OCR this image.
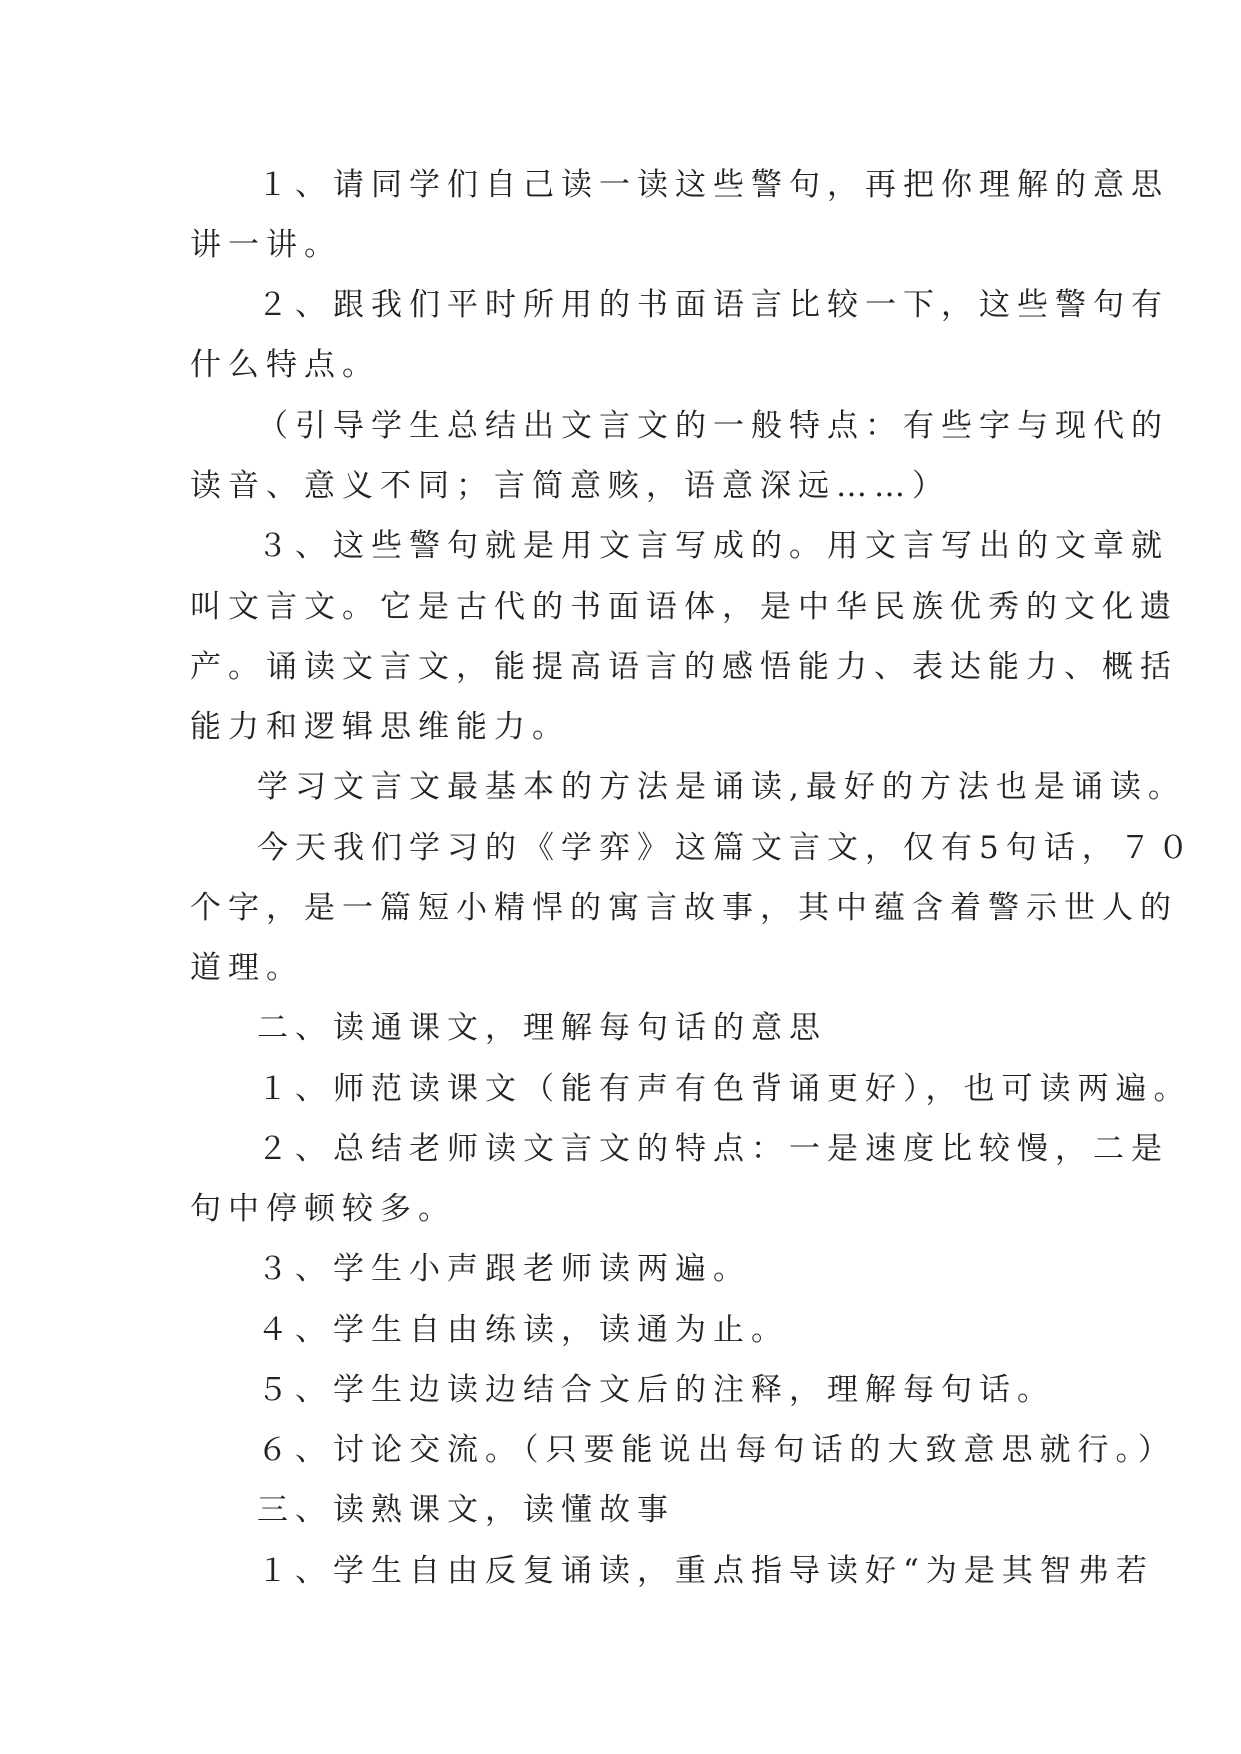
１、请同学们自己读一读这些警句，再把你理解的意思
讲一讲。
２、跟我们平时所用的书面语言比较一下，这些警句有
什么特点。
（引导学生总结出文言文的一般特点：有些字与现代的
读音、意义不同；言简意赅，语意深远……）
３、这些警句就是用文言写成的。用文言写出的文章就
叫文言文。它是古代的书面语体，是中华民族优秀的文化遗
产。诵读文言文，能提高语言的感悟能力、表达能力、概括
能力和逻辑思维能力。
学习文言文最基本的方法是诵读,最好的方法也是诵读。
今天我们学习的《学弈》这篇文言文，仅有5句话，７０
个字，是一篇短小精悍的寓言故事，其中蕴含着警示世人的
道理。
二、读通课文，理解每句话的意思
１、师范读课文（能有声有色背诵更好），也可读两遍。
２、总结老师读文言文的特点：一是速度比较慢，二是
句中停顿较多。
３、学生小声跟老师读两遍。
４、学生自由练读，读通为止。
５、学生边读边结合文后的注释，理解每句话。
６、讨论交流。（只要能说出每句话的大致意思就行。）
三、读熟课文，读懂故事
１、学生自由反复诵读，重点指导读好“为是其智弗若
